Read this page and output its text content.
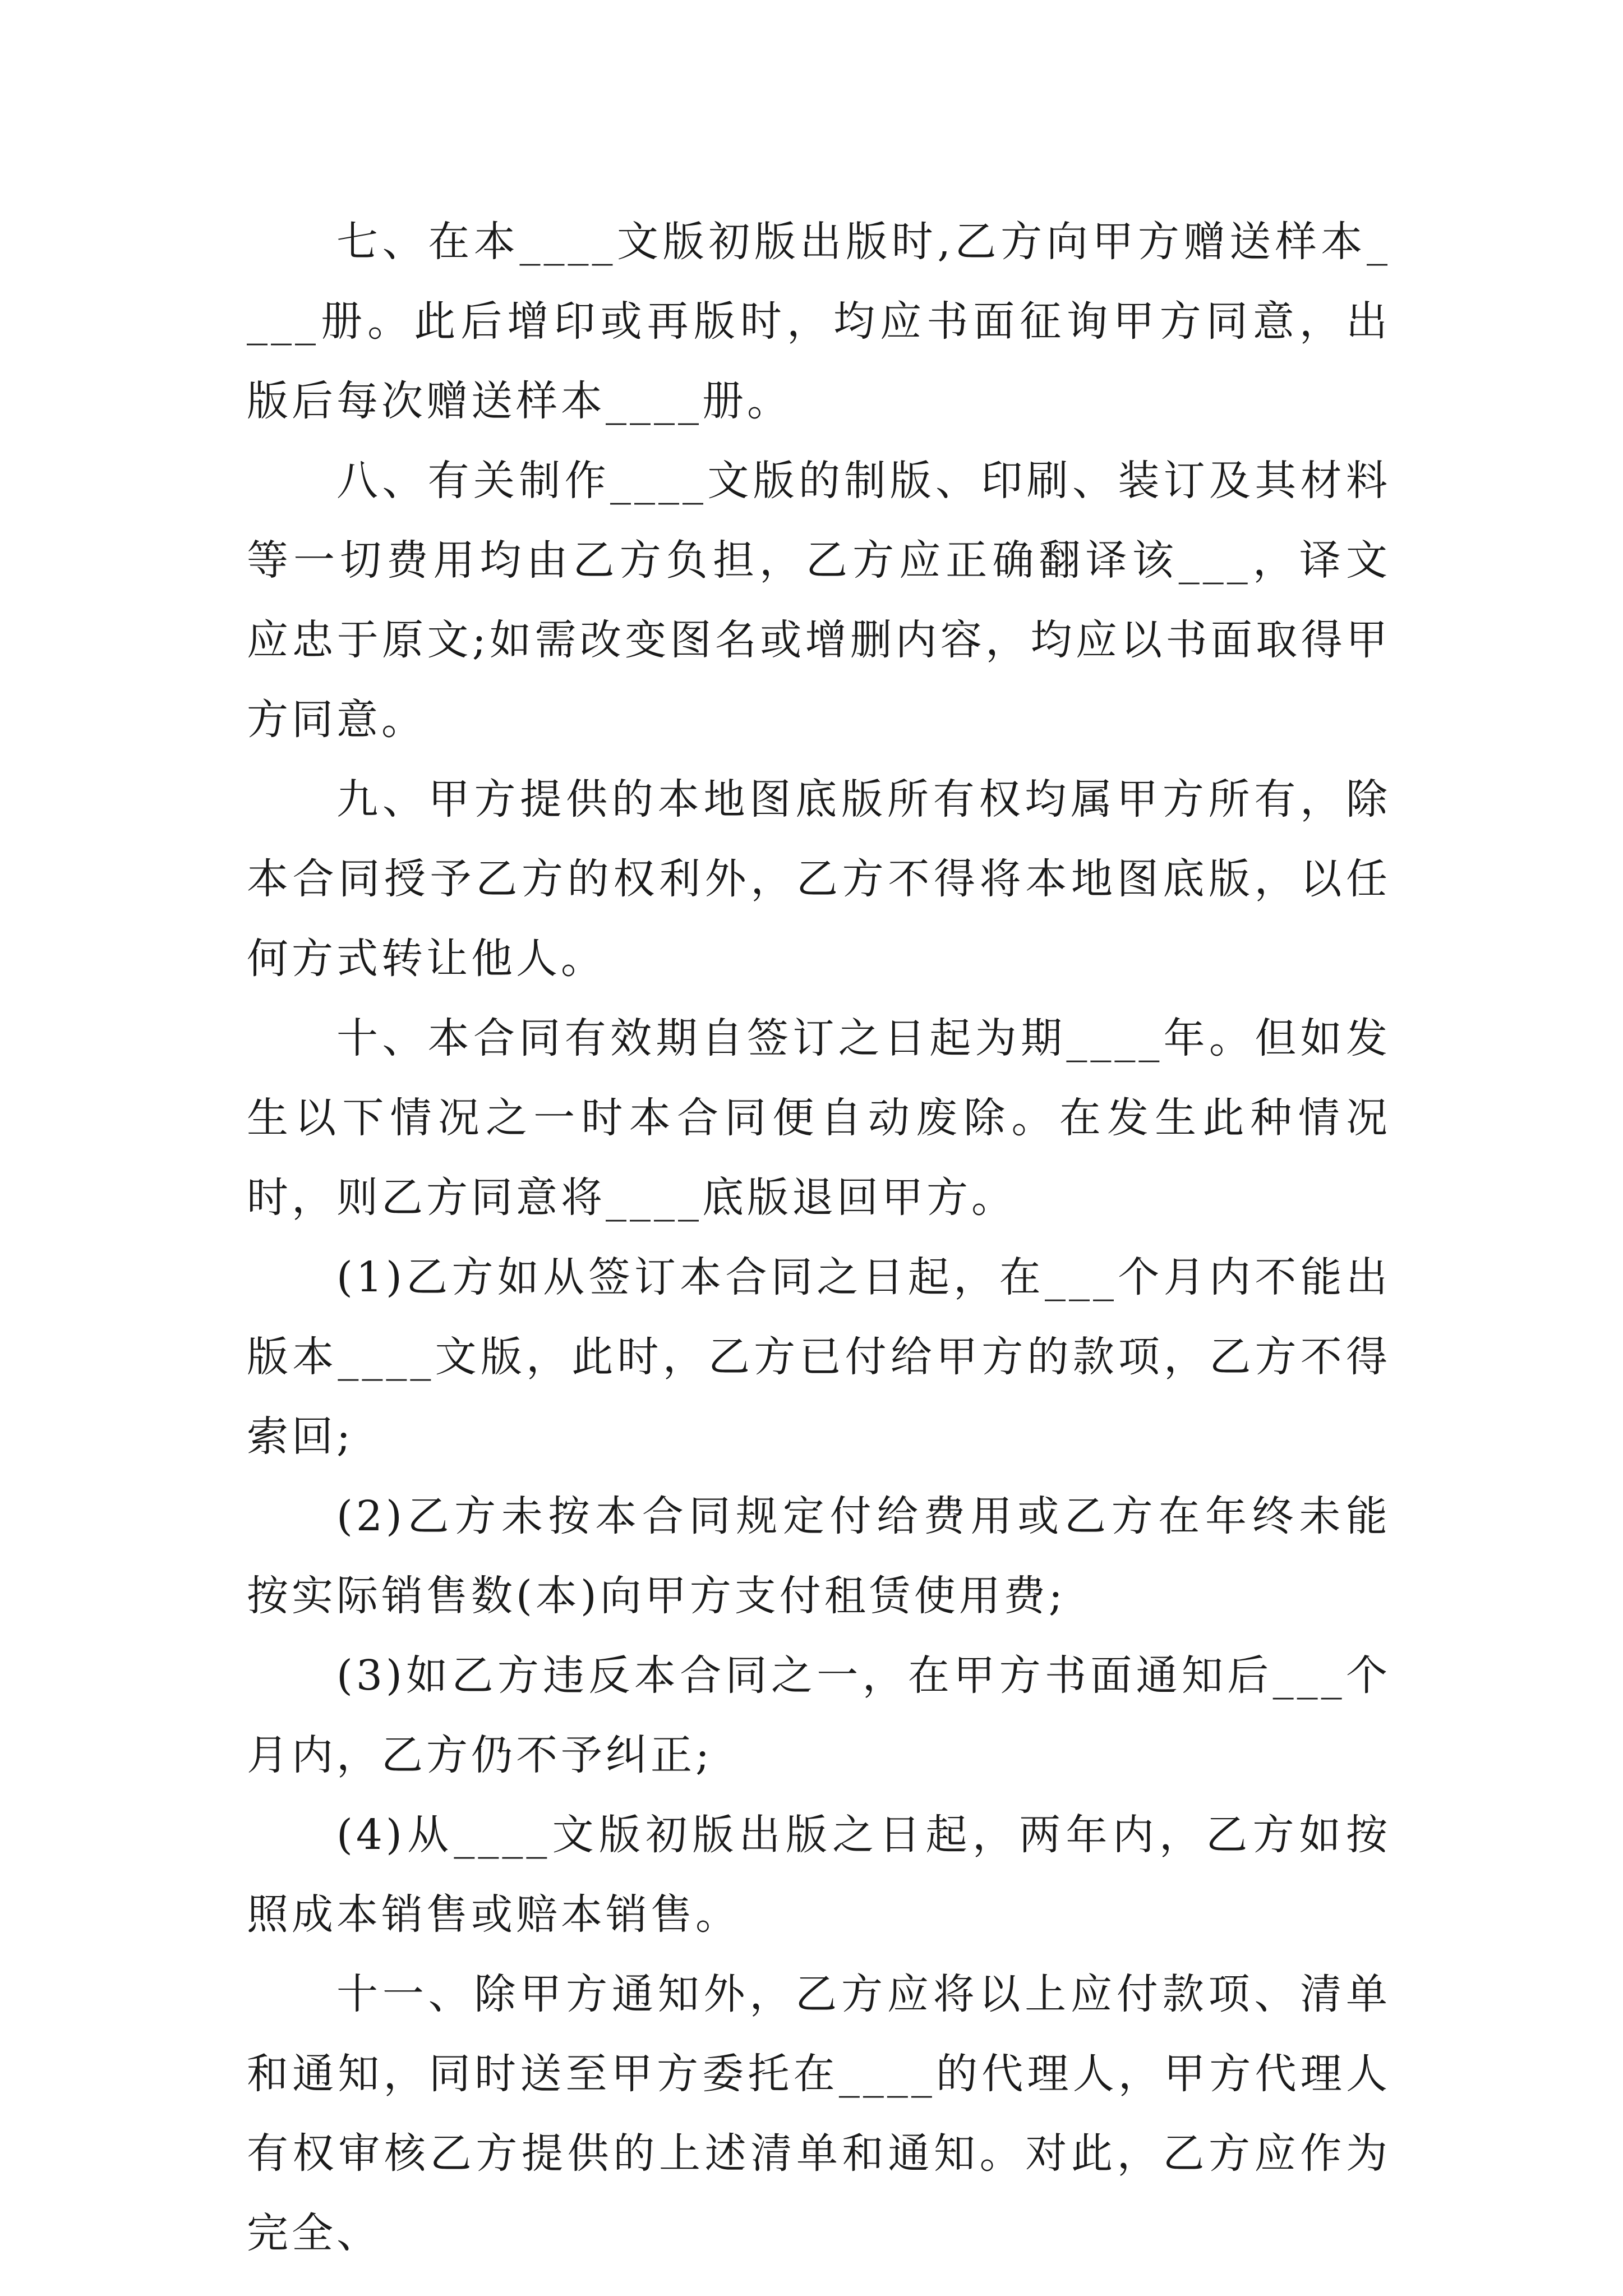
七、在本____文版初版出版时,乙方向甲方赠送样本____册。此后增印或再版时，均应书面征询甲方同意，出版后每次赠送样本____册。

八、有关制作____文版的制版、印刷、装订及其材料等一切费用均由乙方负担，乙方应正确翻译该___，译文应忠于原文;如需改变图名或增删内容，均应以书面取得甲方同意。

九、甲方提供的本地图底版所有权均属甲方所有，除本合同授予乙方的权利外，乙方不得将本地图底版，以任何方式转让他人。

十、本合同有效期自签订之日起为期____年。但如发生以下情况之一时本合同便自动废除。在发生此种情况时，则乙方同意将____底版退回甲方。

(1)乙方如从签订本合同之日起，在___个月内不能出版本____文版，此时，乙方已付给甲方的款项，乙方不得索回;

(2)乙方未按本合同规定付给费用或乙方在年终未能按实际销售数(本)向甲方支付租赁使用费;

(3)如乙方违反本合同之一，在甲方书面通知后___个月内，乙方仍不予纠正;

(4)从____文版初版出版之日起，两年内，乙方如按照成本销售或赔本销售。

十一、除甲方通知外，乙方应将以上应付款项、清单和通知，同时送至甲方委托在____的代理人，甲方代理人有权审核乙方提供的上述清单和通知。对此，乙方应作为完全、
